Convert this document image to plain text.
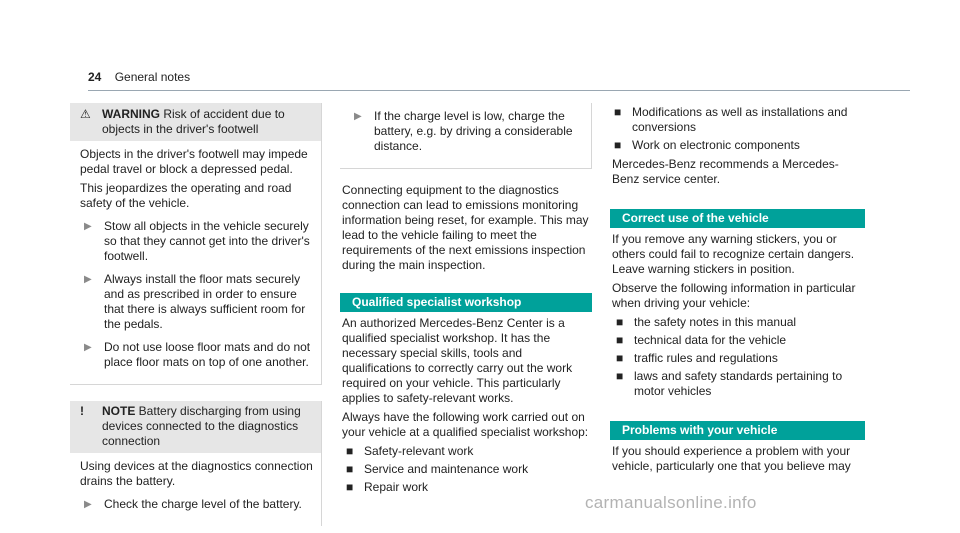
24 General notes
⚠ WARNING Risk of accident due to objects in the driver's footwell

Objects in the driver's footwell may impede pedal travel or block a depressed pedal.

This jeopardizes the operating and road safety of the vehicle.

▶	Stow all objects in the vehicle securely so that they cannot get into the driver's footwell.
▶	Always install the floor mats securely and as prescribed in order to ensure that there is always sufficient room for the pedals.
▶	Do not use loose floor mats and do not place floor mats on top of one another.
!	NOTE Battery discharging from using devices connected to the diagnostics connection

Using devices at the diagnostics connection drains the battery.

▶	Check the charge level of the battery.
▶	If the charge level is low, charge the battery, e.g. by driving a considerable distance.

Connecting equipment to the diagnostics connection can lead to emissions monitoring information being reset, for example. This may lead to the vehicle failing to meet the requirements of the next emissions inspection during the main inspection.

Qualified specialist workshop

An authorized Mercedes-Benz Center is a qualified specialist workshop. It has the necessary special skills, tools and qualifications to correctly carry out the work required on your vehicle. This particularly applies to safety-relevant works.

Always have the following work carried out on your vehicle at a qualified specialist workshop:

■ Safety-relevant work
■ Service and maintenance work
■ Repair work
■ Modifications as well as installations and conversions
■ Work on electronic components

Mercedes-Benz recommends a Mercedes-Benz service center.

Correct use of the vehicle

If you remove any warning stickers, you or others could fail to recognize certain dangers. Leave warning stickers in position.

Observe the following information in particular when driving your vehicle:

■ the safety notes in this manual
■ technical data for the vehicle
■ traffic rules and regulations
■ laws and safety standards pertaining to motor vehicles
Problems with your vehicle

If you should experience a problem with your vehicle, particularly one that you believe may

carmanualsonline.info
